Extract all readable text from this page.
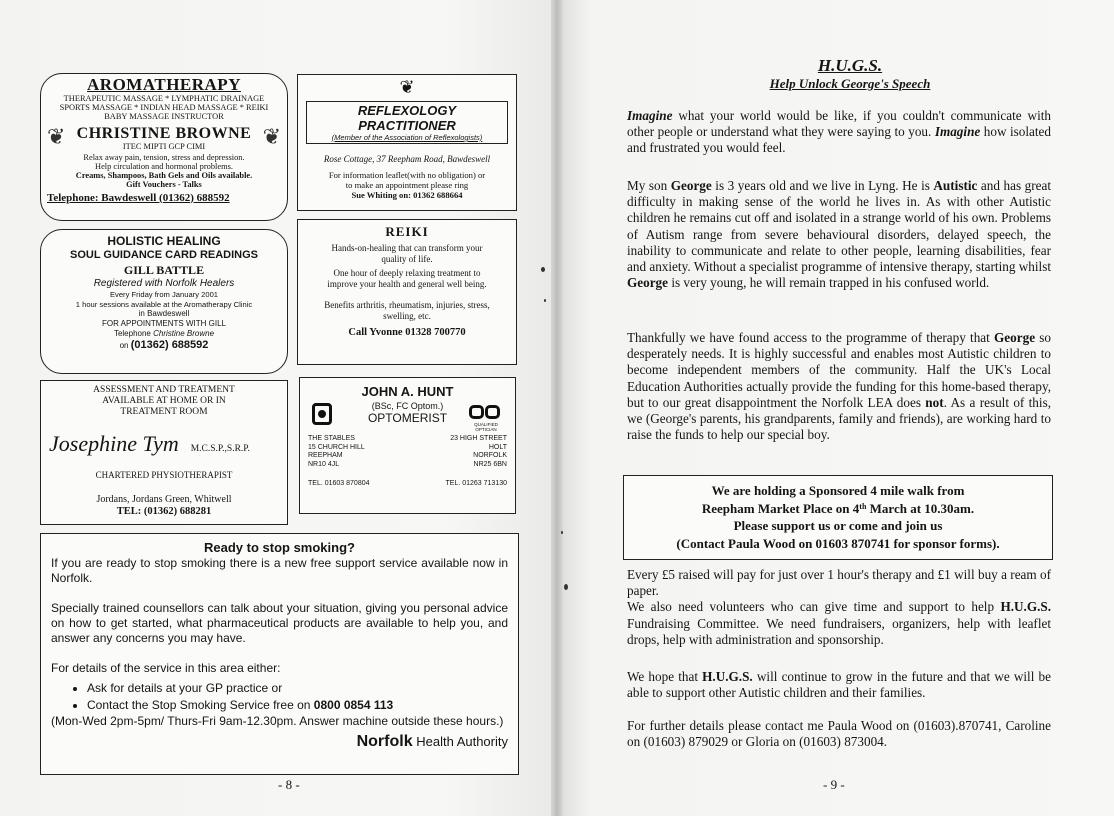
AROMATHERAPY
THERAPEUTIC MASSAGE * LYMPHATIC DRAINAGE
SPORTS MASSAGE * INDIAN HEAD MASSAGE * REIKI
BABY MASSAGE INSTRUCTOR
CHRISTINE BROWNE
ITEC MIPTI GCP CIMI
Relax away pain, tension, stress and depression.
Help circulation and hormonal problems.
Creams, Shampoos, Bath Gels and Oils available.
Gift Vouchers - Talks
Telephone: Bawdeswell (01362) 688592
❦	❦
❦
REFLEXOLOGY PRACTITIONER
(Member of the Association of Reflexologists)
Rose Cottage, 37 Reepham Road, Bawdeswell
For information leaflet(with no obligation) or
to make an appointment please ring
Sue Whiting on: 01362 688664
HOLISTIC HEALING
SOUL GUIDANCE CARD READINGS
GILL BATTLE
Registered with Norfolk Healers
Every Friday from January 2001
1 hour sessions available at the Aromatherapy Clinic
in Bawdeswell
FOR APPOINTMENTS WITH GILL
Telephone Christine Browne
on (01362) 688592
REIKI
Hands-on-healing that can transform your
quality of life.
One hour of deeply relaxing treatment to
improve your health and general well being.
Benefits arthritis, rheumatism, injuries, stress,
swelling, etc.
Call Yvonne 01328 700770
ASSESSMENT AND TREATMENT
AVAILABLE AT HOME OR IN
TREATMENT ROOM
Josephine Tym M.C.S.P.,S.R.P.
CHARTERED PHYSIOTHERAPIST
Jordans, Jordans Green, Whitwell
TEL: (01362) 688281
JOHN A. HUNT
QUALIFIED OPTICIAN
(BSc, FC Optom.)
OPTOMERIST
THE STABLES
15 CHURCH HILL
REEPHAM
NR10 4JL
23 HIGH STREET
HOLT
NORFOLK
NR25 6BN
TEL. 01603 870804	TEL. 01263 713130
Ready to stop smoking?

If you are ready to stop smoking there is a new free support service available now in Norfolk.

Specially trained counsellors can talk about your situation, giving you personal advice on how to get started, what pharmaceutical products are available to help you, and answer any concerns you may have.

For details of the service in this area either:

• Ask for details at your GP practice or
• Contact the Stop Smoking Service free on 0800 0854 113

(Mon-Wed 2pm-5pm/ Thurs-Fri 9am-12.30pm. Answer machine outside these hours.)

Norfolk Health Authority
- 8 -
H.U.G.S.
Help Unlock George's Speech
Imagine what your world would be like, if you couldn't communicate with other people or understand what they were saying to you. Imagine how isolated and frustrated you would feel.
My son George is 3 years old and we live in Lyng. He is Autistic and has great difficulty in making sense of the world he lives in. As with other Autistic children he remains cut off and isolated in a strange world of his own. Problems of Autism range from severe behavioural disorders, delayed speech, the inability to communicate and relate to other people, learning disabilities, fear and anxiety. Without a specialist programme of intensive therapy, starting whilst George is very young, he will remain trapped in his confused world.
Thankfully we have found access to the programme of therapy that George so desperately needs. It is highly successful and enables most Autistic children to become independent members of the community. Half the UK's Local Education Authorities actually provide the funding for this home-based therapy, but to our great disappointment the Norfolk LEA does not. As a result of this, we (George's parents, his grandparents, family and friends), are working hard to raise the funds to help our special boy.
We are holding a Sponsored 4 mile walk from
Reepham Market Place on 4th March at 10.30am.
Please support us or come and join us
(Contact Paula Wood on 01603 870741 for sponsor forms).
Every £5 raised will pay for just over 1 hour's therapy and £1 will buy a ream of paper.
We also need volunteers who can give time and support to help H.U.G.S. Fundraising Committee. We need fundraisers, organizers, help with leaflet drops, help with administration and sponsorship.
We hope that H.U.G.S. will continue to grow in the future and that we will be able to support other Autistic children and their families.
For further details please contact me Paula Wood on (01603).870741, Caroline on (01603) 879029 or Gloria on (01603) 873004.
- 9 -
